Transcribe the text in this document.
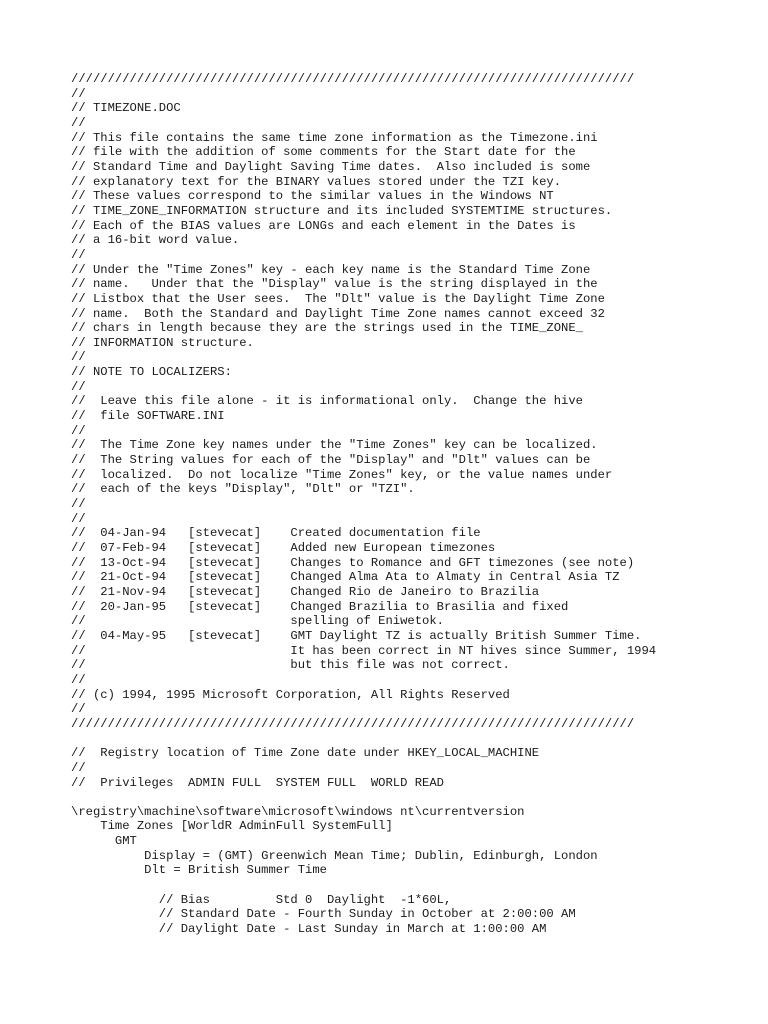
/////////////////////////////////////////////////////////////////////////////
//
// TIMEZONE.DOC
//
// This file contains the same time zone information as the Timezone.ini
// file with the addition of some comments for the Start date for the
// Standard Time and Daylight Saving Time dates.  Also included is some
// explanatory text for the BINARY values stored under the TZI key.
// These values correspond to the similar values in the Windows NT
// TIME_ZONE_INFORMATION structure and its included SYSTEMTIME structures.
// Each of the BIAS values are LONGs and each element in the Dates is
// a 16-bit word value.
//
// Under the "Time Zones" key - each key name is the Standard Time Zone
// name.   Under that the "Display" value is the string displayed in the
// Listbox that the User sees.  The "Dlt" value is the Daylight Time Zone
// name.  Both the Standard and Daylight Time Zone names cannot exceed 32
// chars in length because they are the strings used in the TIME_ZONE_
// INFORMATION structure.
//
// NOTE TO LOCALIZERS:
//
//  Leave this file alone - it is informational only.  Change the hive
//  file SOFTWARE.INI
//
//  The Time Zone key names under the "Time Zones" key can be localized.
//  The String values for each of the "Display" and "Dlt" values can be
//  localized.  Do not localize "Time Zones" key, or the value names under
//  each of the keys "Display", "Dlt" or "TZI".
//
//
//  04-Jan-94   [stevecat]    Created documentation file
//  07-Feb-94   [stevecat]    Added new European timezones
//  13-Oct-94   [stevecat]    Changes to Romance and GFT timezones (see note)
//  21-Oct-94   [stevecat]    Changed Alma Ata to Almaty in Central Asia TZ
//  21-Nov-94   [stevecat]    Changed Rio de Janeiro to Brazilia
//  20-Jan-95   [stevecat]    Changed Brazilia to Brasilia and fixed
//                            spelling of Eniwetok.
//  04-May-95   [stevecat]    GMT Daylight TZ is actually British Summer Time.
//                            It has been correct in NT hives since Summer, 1994
//                            but this file was not correct.
//
// (c) 1994, 1995 Microsoft Corporation, All Rights Reserved
//
/////////////////////////////////////////////////////////////////////////////
//  Registry location of Time Zone date under HKEY_LOCAL_MACHINE
//
//  Privileges  ADMIN FULL  SYSTEM FULL  WORLD READ
\registry\machine\software\microsoft\windows nt\currentversion
Time Zones [WorldR AdminFull SystemFull]
GMT
Display = (GMT) Greenwich Mean Time; Dublin, Edinburgh, London
Dlt = British Summer Time
// Bias         Std 0  Daylight  -1*60L,
// Standard Date - Fourth Sunday in October at 2:00:00 AM
// Daylight Date - Last Sunday in March at 1:00:00 AM
